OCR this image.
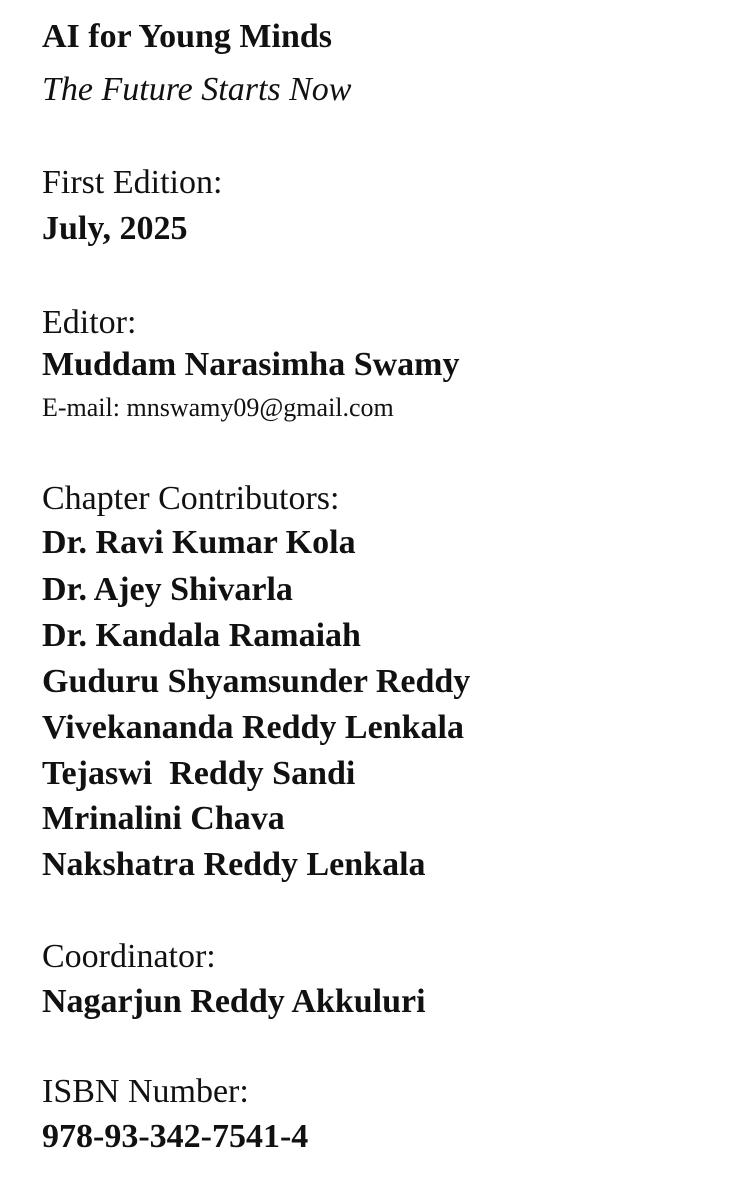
AI for Young Minds
The Future Starts Now
First Edition:
July, 2025
Editor:
Muddam Narasimha Swamy
E-mail: mnswamy09@gmail.com
Chapter Contributors:
Dr. Ravi Kumar Kola
Dr. Ajey Shivarla
Dr. Kandala Ramaiah
Guduru Shyamsunder Reddy
Vivekananda Reddy Lenkala
Tejaswi  Reddy Sandi
Mrinalini Chava
Nakshatra Reddy Lenkala
Coordinator:
Nagarjun Reddy Akkuluri
ISBN Number:
978-93-342-7541-4
